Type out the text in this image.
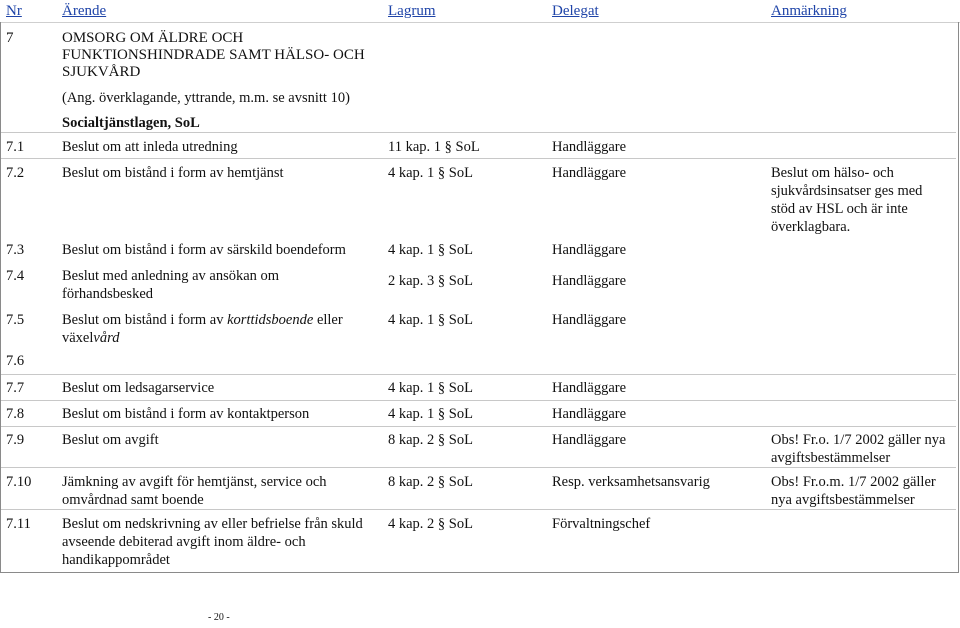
Nr	Ärende	Lagrum	Delegat	Anmärkning
7	OMSORG OM ÄLDRE OCH
FUNKTIONSHINDRADE SAMT HÄLSO- OCH
SJUKVÅRD
(Ang. överklagande, yttrande, m.m. se avsnitt 10)
Socialtjänstlagen, SoL
7.1	Beslut om att inleda utredning	11 kap. 1 § SoL	Handläggare
7.2	Beslut om bistånd i form av hemtjänst	4 kap. 1 § SoL	Handläggare	Beslut om hälso- och
sjukvårdsinsatser ges med
stöd av HSL och är inte
överklagbara.
7.3	Beslut om bistånd i form av särskild boendeform	4 kap. 1 § SoL	Handläggare
7.4	Beslut med anledning av ansökan om
förhandsbesked
2 kap. 3 § SoL	Handläggare
7.5	Beslut om bistånd i form av korttidsboende eller
växelvård
4 kap. 1 § SoL	Handläggare
7.6
7.7	Beslut om ledsagarservice	4 kap. 1 § SoL	Handläggare
7.8	Beslut om bistånd i form av kontaktperson	4 kap. 1 § SoL	Handläggare
7.9	Beslut om avgift	8 kap. 2 § SoL	Handläggare	Obs! Fr.o. 1/7 2002 gäller nya
avgiftsbestämmelser
7.10 Jämkning av avgift för hemtjänst, service och
omvårdnad samt boende
8 kap. 2 § SoL	Resp. verksamhetsansvarig	Obs! Fr.o.m. 1/7 2002 gäller
nya avgiftsbestämmelser
7.11 Beslut om nedskrivning av eller befrielse från skuld
avseende debiterad avgift inom äldre- och
handikappområdet
4 kap. 2 § SoL	Förvaltningschef
- 20 -
